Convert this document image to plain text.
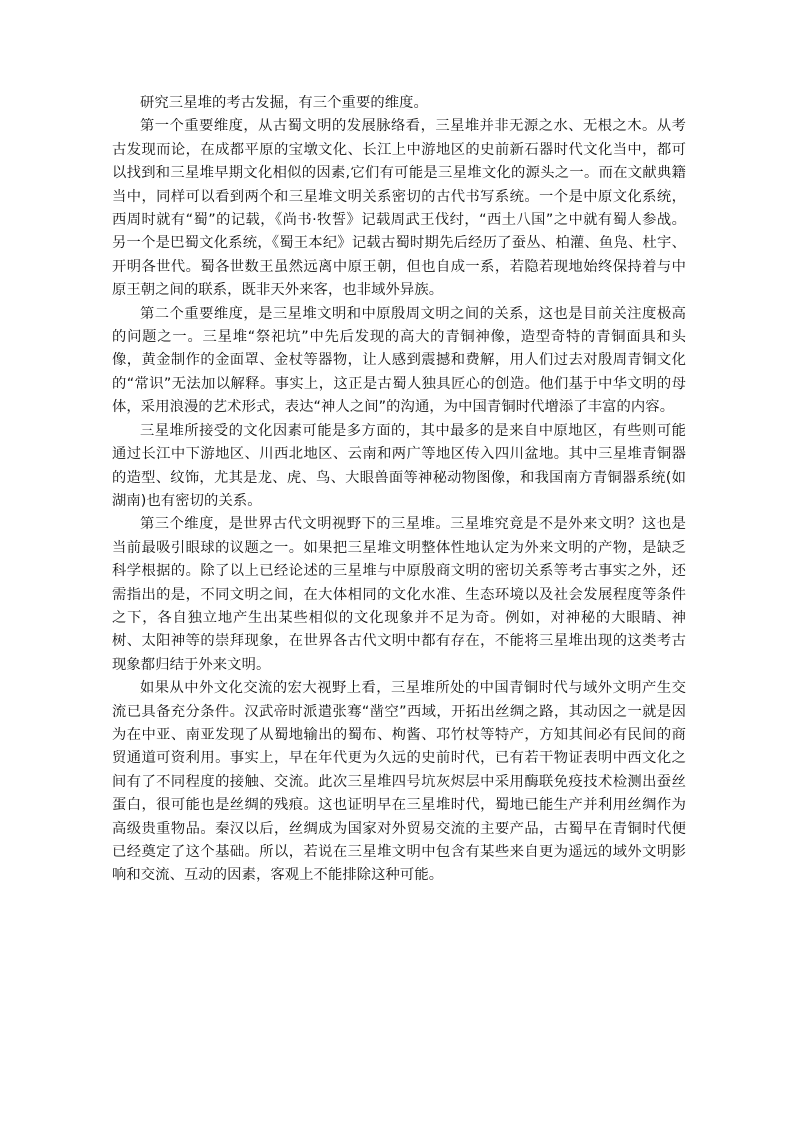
研究三星堆的考古发掘，有三个重要的维度。

第一个重要维度，从古蜀文明的发展脉络看，三星堆并非无源之水、无根之木。从考古发现而论，在成都平原的宝墩文化、长江上中游地区的史前新石器时代文化当中，都可以找到和三星堆早期文化相似的因素,它们有可能是三星堆文化的源头之一。而在文献典籍当中，同样可以看到两个和三星堆文明关系密切的古代书写系统。一个是中原文化系统，西周时就有“蜀”的记载，《尚书·牧誓》记载周武王伐纣，“西土八国”之中就有蜀人参战。另一个是巴蜀文化系统，《蜀王本纪》记载古蜀时期先后经历了蚕丛、柏灌、鱼凫、杜宇、开明各世代。蜀各世数王虽然远离中原王朝，但也自成一系，若隐若现地始终保持着与中原王朝之间的联系，既非天外来客，也非域外异族。

第二个重要维度，是三星堆文明和中原殷周文明之间的关系，这也是目前关注度极高的问题之一。三星堆“祭祀坑”中先后发现的高大的青铜神像，造型奇特的青铜面具和头像，黄金制作的金面罩、金杖等器物，让人感到震撼和费解，用人们过去对殷周青铜文化的“常识”无法加以解释。事实上，这正是古蜀人独具匠心的创造。他们基于中华文明的母体，采用浪漫的艺术形式，表达“神人之间”的沟通，为中国青铜时代增添了丰富的内容。

三星堆所接受的文化因素可能是多方面的，其中最多的是来自中原地区，有些则可能通过长江中下游地区、川西北地区、云南和两广等地区传入四川盆地。其中三星堆青铜器的造型、纹饰，尤其是龙、虎、鸟、大眼兽面等神秘动物图像，和我国南方青铜器系统(如湖南)也有密切的关系。

第三个维度，是世界古代文明视野下的三星堆。三星堆究竟是不是外来文明？这也是当前最吸引眼球的议题之一。如果把三星堆文明整体性地认定为外来文明的产物，是缺乏科学根据的。除了以上已经论述的三星堆与中原殷商文明的密切关系等考古事实之外，还需指出的是，不同文明之间，在大体相同的文化水准、生态环境以及社会发展程度等条件之下，各自独立地产生出某些相似的文化现象并不足为奇。例如，对神秘的大眼睛、神树、太阳神等的崇拜现象，在世界各古代文明中都有存在，不能将三星堆出现的这类考古现象都归结于外来文明。

如果从中外文化交流的宏大视野上看，三星堆所处的中国青铜时代与域外文明产生交流已具备充分条件。汉武帝时派遣张骞“凿空”西域，开拓出丝绸之路，其动因之一就是因为在中亚、南亚发现了从蜀地输出的蜀布、枸酱、邛竹杖等特产，方知其间必有民间的商贸通道可资利用。事实上，早在年代更为久远的史前时代，已有若干物证表明中西文化之间有了不同程度的接触、交流。此次三星堆四号坑灰烬层中采用酶联免疫技术检测出蚕丝蛋白，很可能也是丝绸的残痕。这也证明早在三星堆时代，蜀地已能生产并利用丝绸作为高级贵重物品。秦汉以后，丝绸成为国家对外贸易交流的主要产品，古蜀早在青铜时代便已经奠定了这个基础。所以，若说在三星堆文明中包含有某些来自更为遥远的域外文明影响和交流、互动的因素，客观上不能排除这种可能。
